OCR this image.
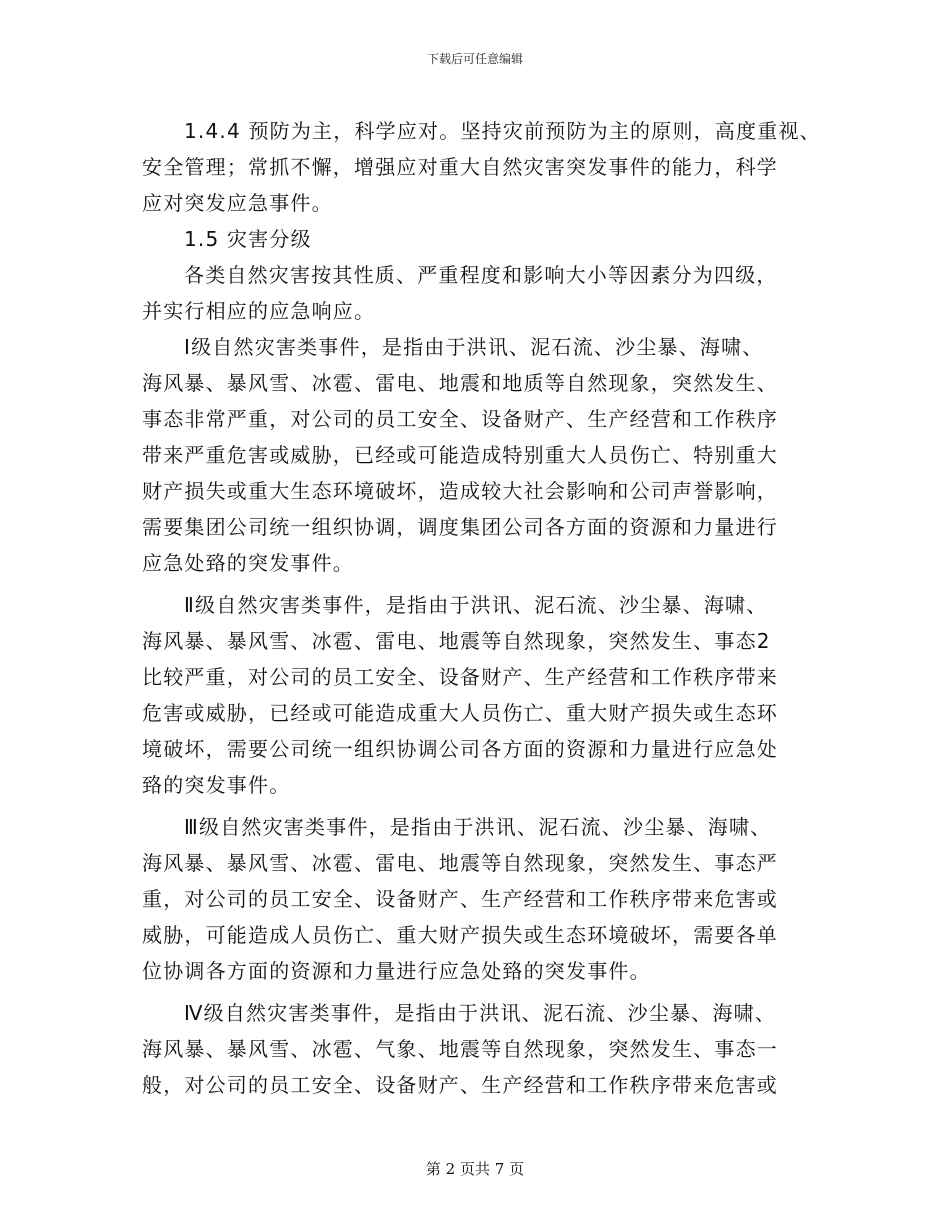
下载后可任意编辑
1.4.4 预防为主，科学应对。坚持灾前预防为主的原则，高度重视、
安全管理；常抓不懈，增强应对重大自然灾害突发事件的能力，科学
应对突发应急事件。
1.5 灾害分级
各类自然灾害按其性质、严重程度和影响大小等因素分为四级，
并实行相应的应急响应。
Ⅰ级自然灾害类事件，是指由于洪讯、泥石流、沙尘暴、海啸、
海风暴、暴风雪、冰雹、雷电、地震和地质等自然现象，突然发生、
事态非常严重，对公司的员工安全、设备财产、生产经营和工作秩序
带来严重危害或威胁，已经或可能造成特别重大人员伤亡、特别重大
财产损失或重大生态环境破坏，造成较大社会影响和公司声誉影响，
需要集团公司统一组织协调，调度集团公司各方面的资源和力量进行
应急处臵的突发事件。
Ⅱ级自然灾害类事件，是指由于洪讯、泥石流、沙尘暴、海啸、
海风暴、暴风雪、冰雹、雷电、地震等自然现象，突然发生、事态2
比较严重，对公司的员工安全、设备财产、生产经营和工作秩序带来
危害或威胁，已经或可能造成重大人员伤亡、重大财产损失或生态环
境破坏，需要公司统一组织协调公司各方面的资源和力量进行应急处
臵的突发事件。
Ⅲ级自然灾害类事件，是指由于洪讯、泥石流、沙尘暴、海啸、
海风暴、暴风雪、冰雹、雷电、地震等自然现象，突然发生、事态严
重，对公司的员工安全、设备财产、生产经营和工作秩序带来危害或
威胁，可能造成人员伤亡、重大财产损失或生态环境破坏，需要各单
位协调各方面的资源和力量进行应急处臵的突发事件。
Ⅳ级自然灾害类事件，是指由于洪讯、泥石流、沙尘暴、海啸、
海风暴、暴风雪、冰雹、气象、地震等自然现象，突然发生、事态一
般，对公司的员工安全、设备财产、生产经营和工作秩序带来危害或
第 2 页共 7 页
